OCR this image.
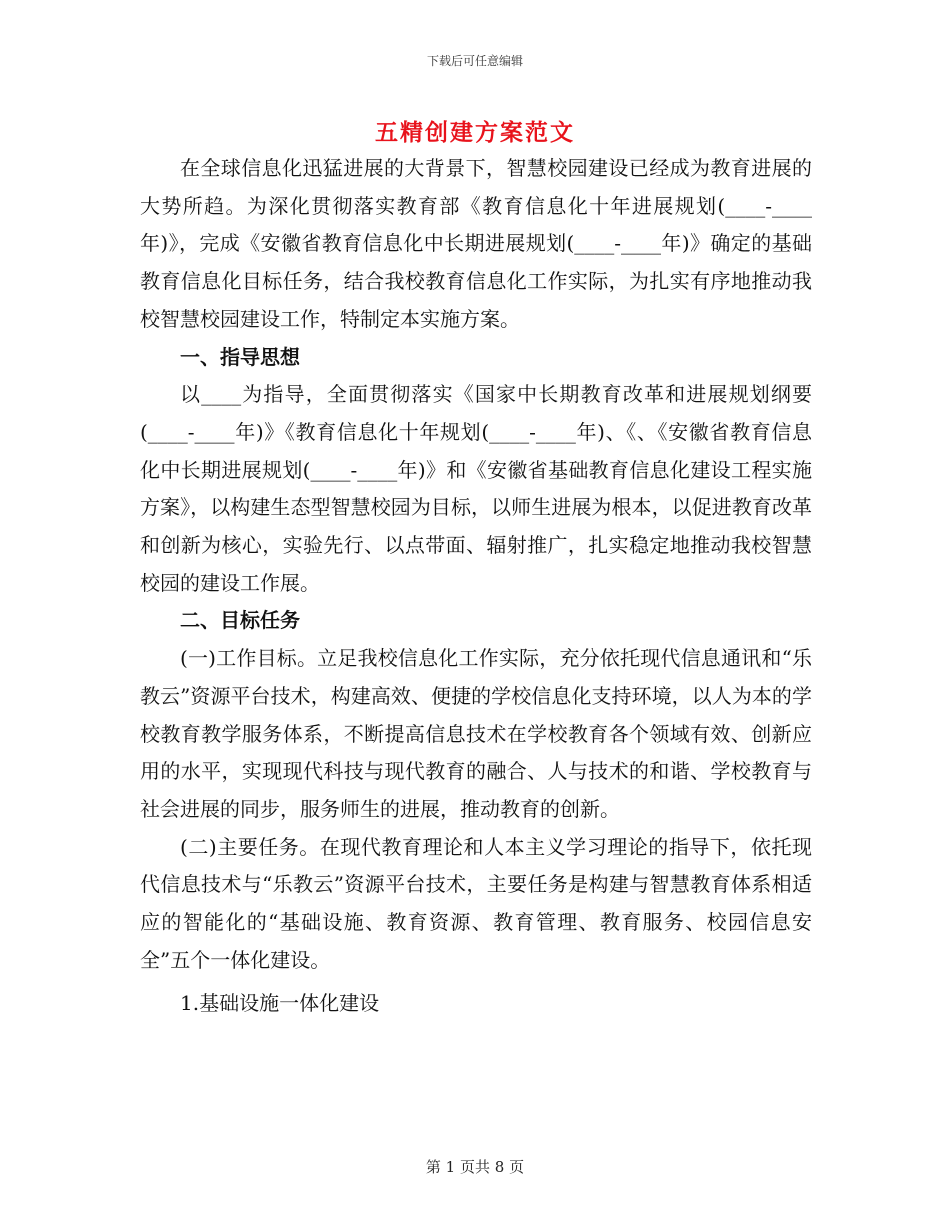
下载后可任意编辑
五精创建方案范文

在全球信息化迅猛进展的大背景下，智慧校园建设已经成为教育进展的大势所趋。为深化贯彻落实教育部《教育信息化十年进展规划(____-____年)》，完成《安徽省教育信息化中长期进展规划(____-____年)》确定的基础教育信息化目标任务，结合我校教育信息化工作实际，为扎实有序地推动我校智慧校园建设工作，特制定本实施方案。

一、指导思想

以____为指导，全面贯彻落实《国家中长期教育改革和进展规划纲要(____-____年)》《教育信息化十年规划(____-____年)、《、《安徽省教育信息化中长期进展规划(____-____年)》和《安徽省基础教育信息化建设工程实施方案》，以构建生态型智慧校园为目标，以师生进展为根本，以促进教育改革和创新为核心，实验先行、以点带面、辐射推广，扎实稳定地推动我校智慧校园的建设工作展。

二、目标任务

(一)工作目标。立足我校信息化工作实际，充分依托现代信息通讯和“乐教云”资源平台技术，构建高效、便捷的学校信息化支持环境，以人为本的学校教育教学服务体系，不断提高信息技术在学校教育各个领域有效、创新应用的水平，实现现代科技与现代教育的融合、人与技术的和谐、学校教育与社会进展的同步，服务师生的进展，推动教育的创新。

(二)主要任务。在现代教育理论和人本主义学习理论的指导下，依托现代信息技术与“乐教云”资源平台技术，主要任务是构建与智慧教育体系相适应的智能化的“基础设施、教育资源、教育管理、教育服务、校园信息安全”五个一体化建设。

1.基础设施一体化建设

第 1 页共 8 页
